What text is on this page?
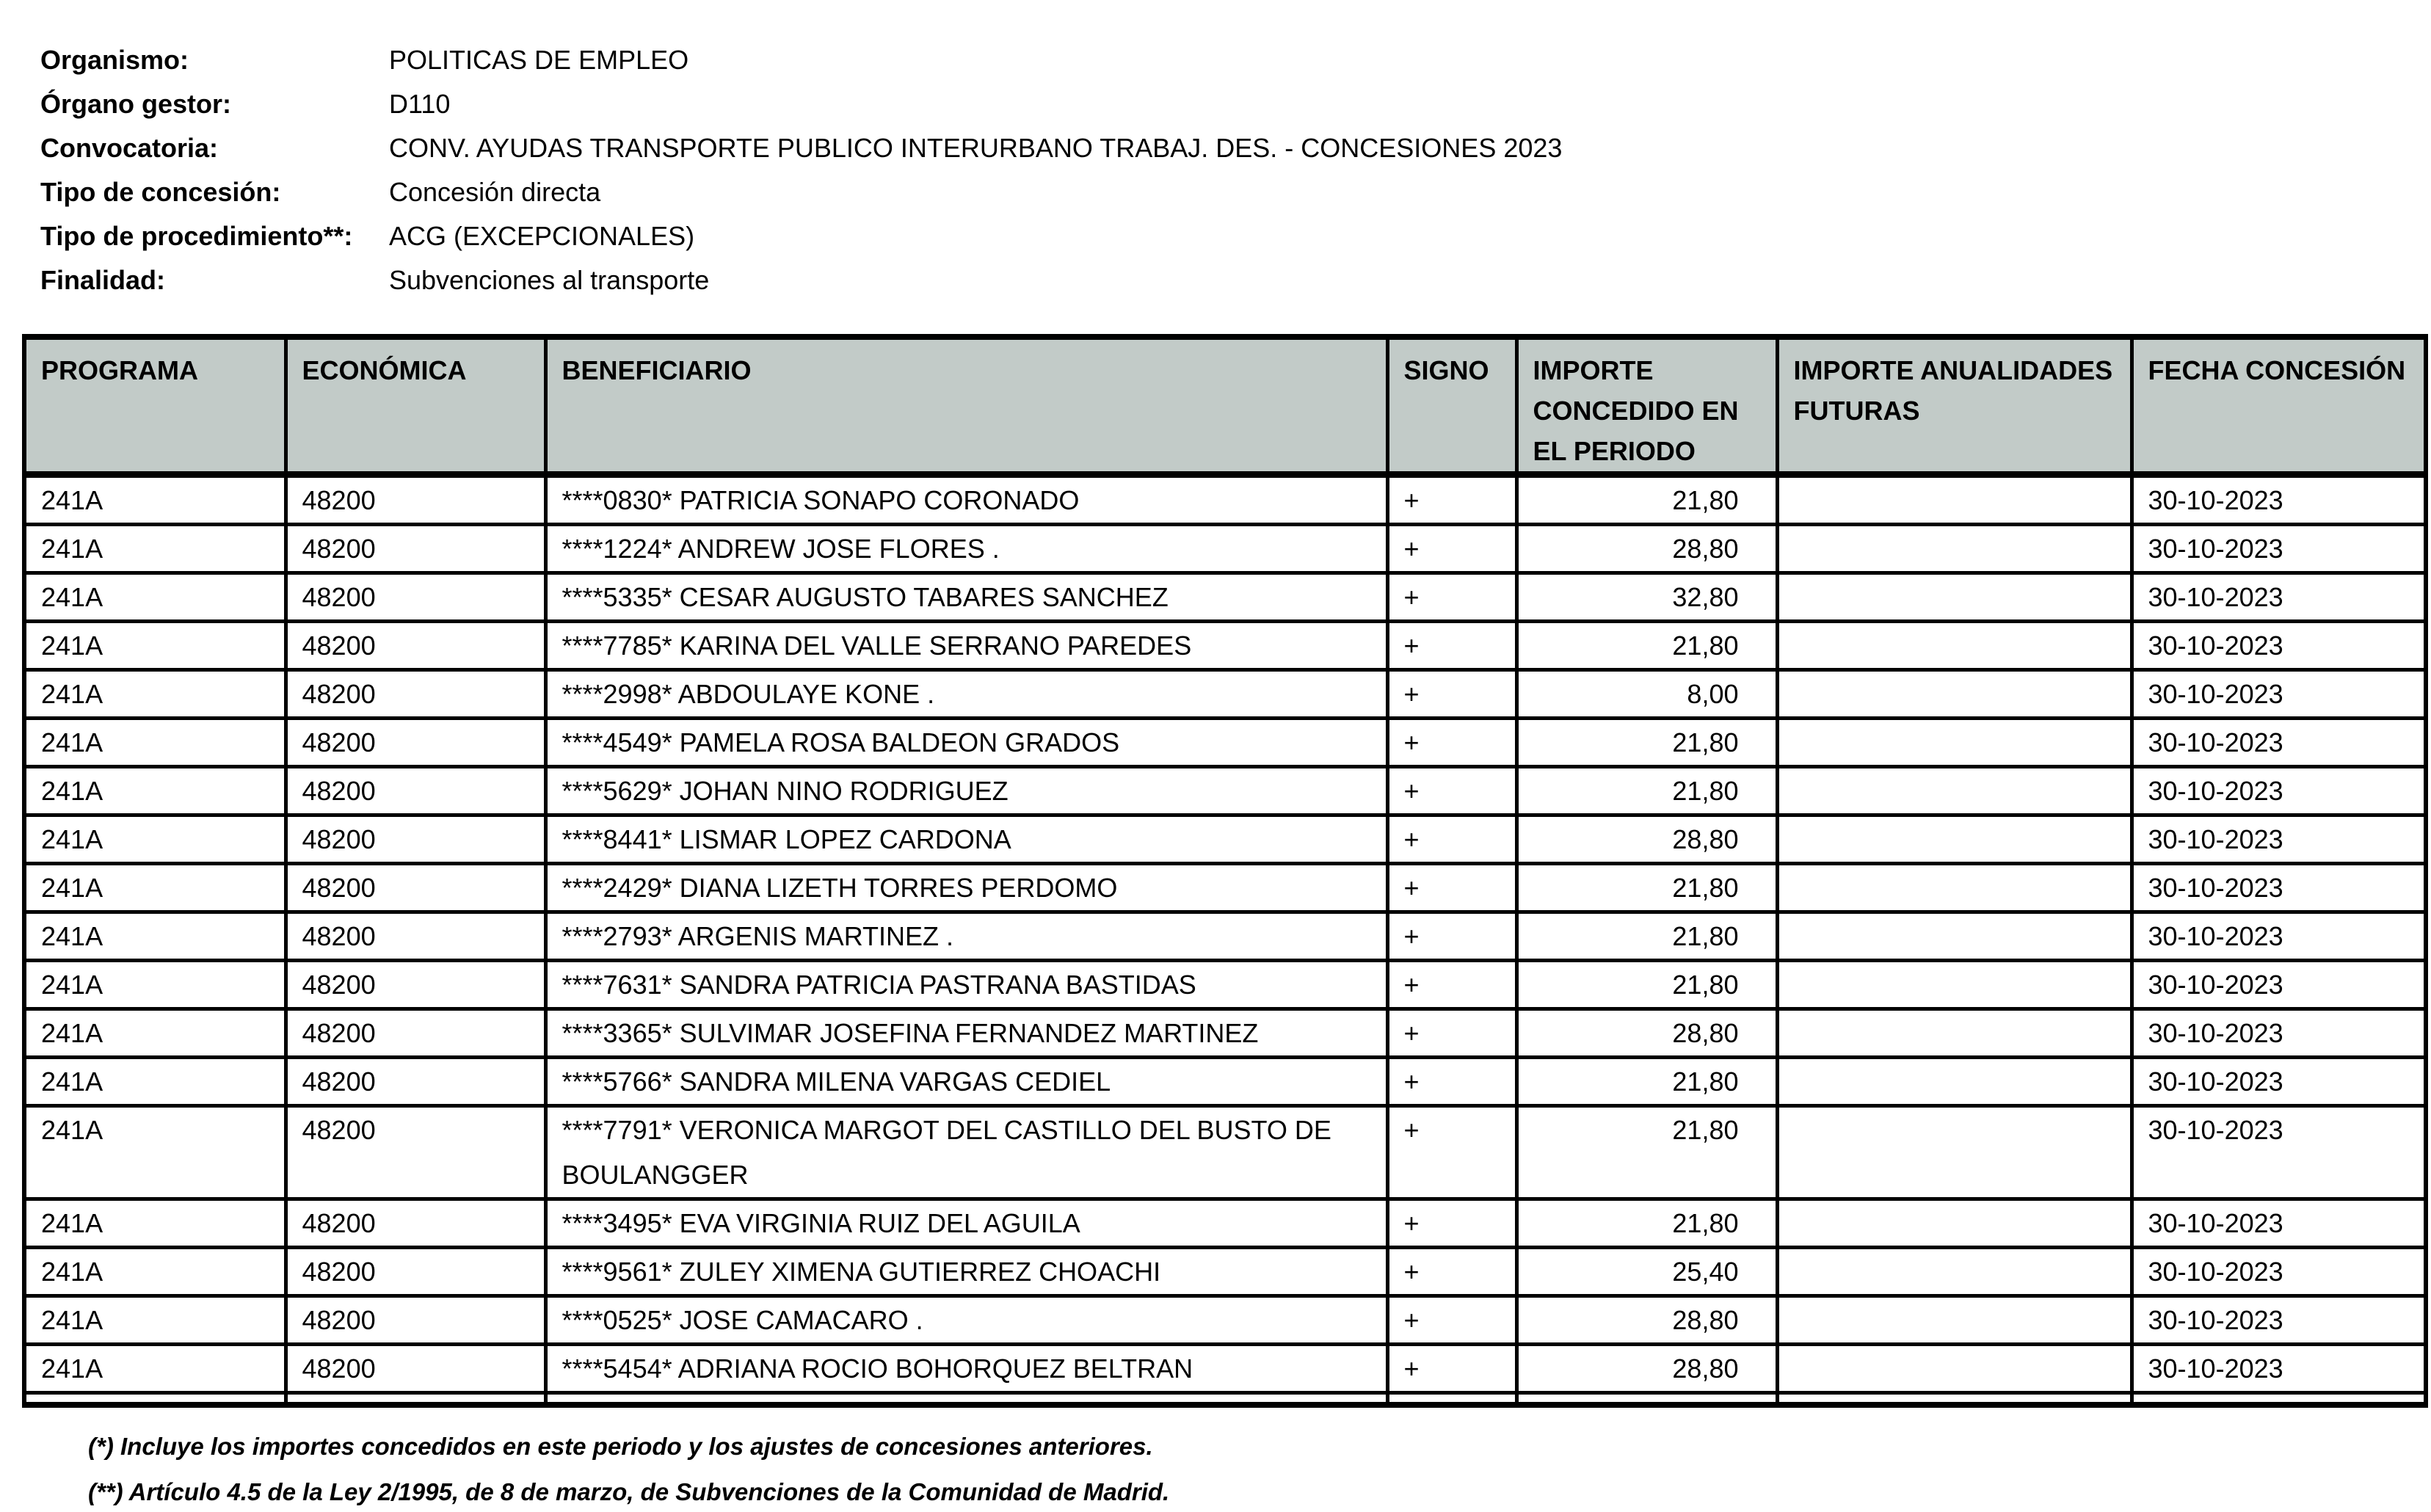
Organismo:	POLITICAS DE EMPLEO
Órgano gestor:	D110
Convocatoria:	CONV. AYUDAS TRANSPORTE PUBLICO INTERURBANO TRABAJ. DES. - CONCESIONES 2023
Tipo de concesión:	Concesión directa
Tipo de procedimiento**:	ACG (EXCEPCIONALES)
Finalidad:	Subvenciones al transporte
PROGRAMA	ECONÓMICA	BENEFICIARIO	SIGNO	IMPORTE CONCEDIDO EN EL PERIODO	IMPORTE ANUALIDADES FUTURAS	FECHA CONCESIÓN
241A	48200	****0830* PATRICIA SONAPO CORONADO	+	21,80		30-10-2023
241A	48200	****1224* ANDREW JOSE FLORES .	+	28,80		30-10-2023
241A	48200	****5335* CESAR AUGUSTO TABARES SANCHEZ	+	32,80		30-10-2023
241A	48200	****7785* KARINA DEL VALLE SERRANO PAREDES	+	21,80		30-10-2023
241A	48200	****2998* ABDOULAYE KONE .	+	8,00		30-10-2023
241A	48200	****4549* PAMELA ROSA BALDEON GRADOS	+	21,80		30-10-2023
241A	48200	****5629* JOHAN NINO RODRIGUEZ	+	21,80		30-10-2023
241A	48200	****8441* LISMAR LOPEZ CARDONA	+	28,80		30-10-2023
241A	48200	****2429* DIANA LIZETH TORRES PERDOMO	+	21,80		30-10-2023
241A	48200	****2793* ARGENIS MARTINEZ .	+	21,80		30-10-2023
241A	48200	****7631* SANDRA PATRICIA PASTRANA BASTIDAS	+	21,80		30-10-2023
241A	48200	****3365* SULVIMAR JOSEFINA FERNANDEZ MARTINEZ	+	28,80		30-10-2023
241A	48200	****5766* SANDRA MILENA VARGAS CEDIEL	+	21,80		30-10-2023
241A	48200	****7791* VERONICA MARGOT DEL CASTILLO DEL BUSTO DE BOULANGGER	+	21,80		30-10-2023
241A	48200	****3495* EVA VIRGINIA RUIZ DEL AGUILA	+	21,80		30-10-2023
241A	48200	****9561* ZULEY XIMENA GUTIERREZ CHOACHI	+	25,40		30-10-2023
241A	48200	****0525* JOSE CAMACARO .	+	28,80		30-10-2023
241A	48200	****5454* ADRIANA ROCIO BOHORQUEZ BELTRAN	+	28,80		30-10-2023

(*) Incluye los importes concedidos en este periodo y los ajustes de concesiones anteriores.
(**) Artículo 4.5 de la Ley 2/1995, de 8 de marzo, de Subvenciones de la Comunidad de Madrid.
